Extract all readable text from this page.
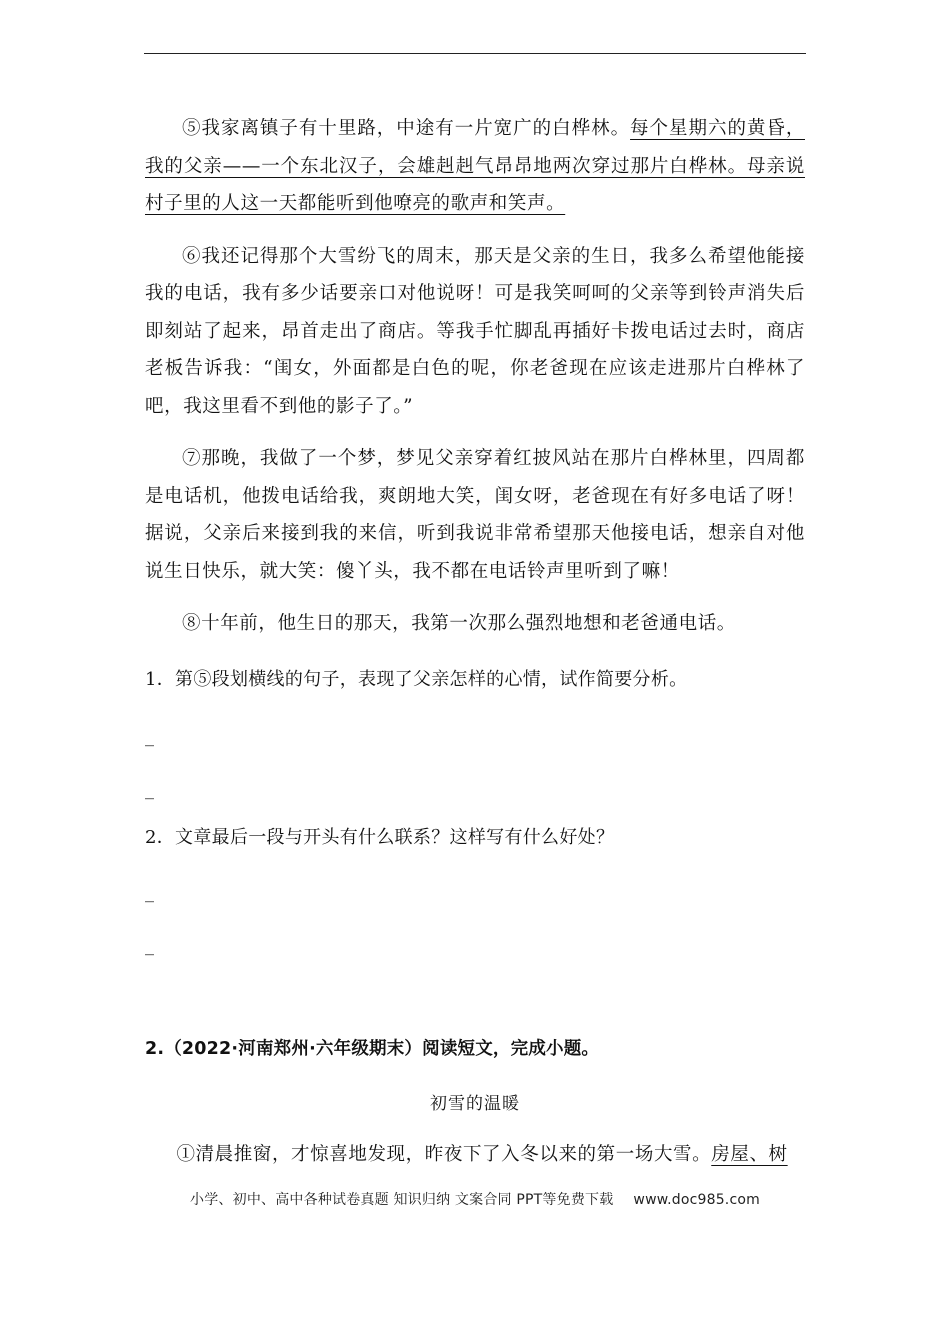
⑤我家离镇子有十里路，中途有一片宽广的白桦林。每个星期六的黄昏，我的父亲——一个东北汉子，会雄赳赳气昂昂地两次穿过那片白桦林。母亲说村子里的人这一天都能听到他嘹亮的歌声和笑声。

⑥我还记得那个大雪纷飞的周末，那天是父亲的生日，我多么希望他能接我的电话，我有多少话要亲口对他说呀！可是我笑呵呵的父亲等到铃声消失后即刻站了起来，昂首走出了商店。等我手忙脚乱再插好卡拨电话过去时，商店老板告诉我：“闺女，外面都是白色的呢，你老爸现在应该走进那片白桦林了吧，我这里看不到他的影子了。”

⑦那晚，我做了一个梦，梦见父亲穿着红披风站在那片白桦林里，四周都是电话机，他拨电话给我，爽朗地大笑，闺女呀，老爸现在有好多电话了呀！据说，父亲后来接到我的来信，听到我说非常希望那天他接电话，想亲自对他说生日快乐，就大笑：傻丫头，我不都在电话铃声里听到了嘛！

⑧十年前，他生日的那天，我第一次那么强烈地想和老爸通电话。

1．第⑤段划横线的句子，表现了父亲怎样的心情，试作简要分析。

_

_

2．文章最后一段与开头有什么联系？这样写有什么好处？

_

_

2.（2022·河南郑州·六年级期末）阅读短文，完成小题。
初雪的温暖
①清晨推窗，才惊喜地发现，昨夜下了入冬以来的第一场大雪。房屋、树
小学、初中、高中各种试卷真题 知识归纳 文案合同 PPT等免费下载 www.doc985.com
